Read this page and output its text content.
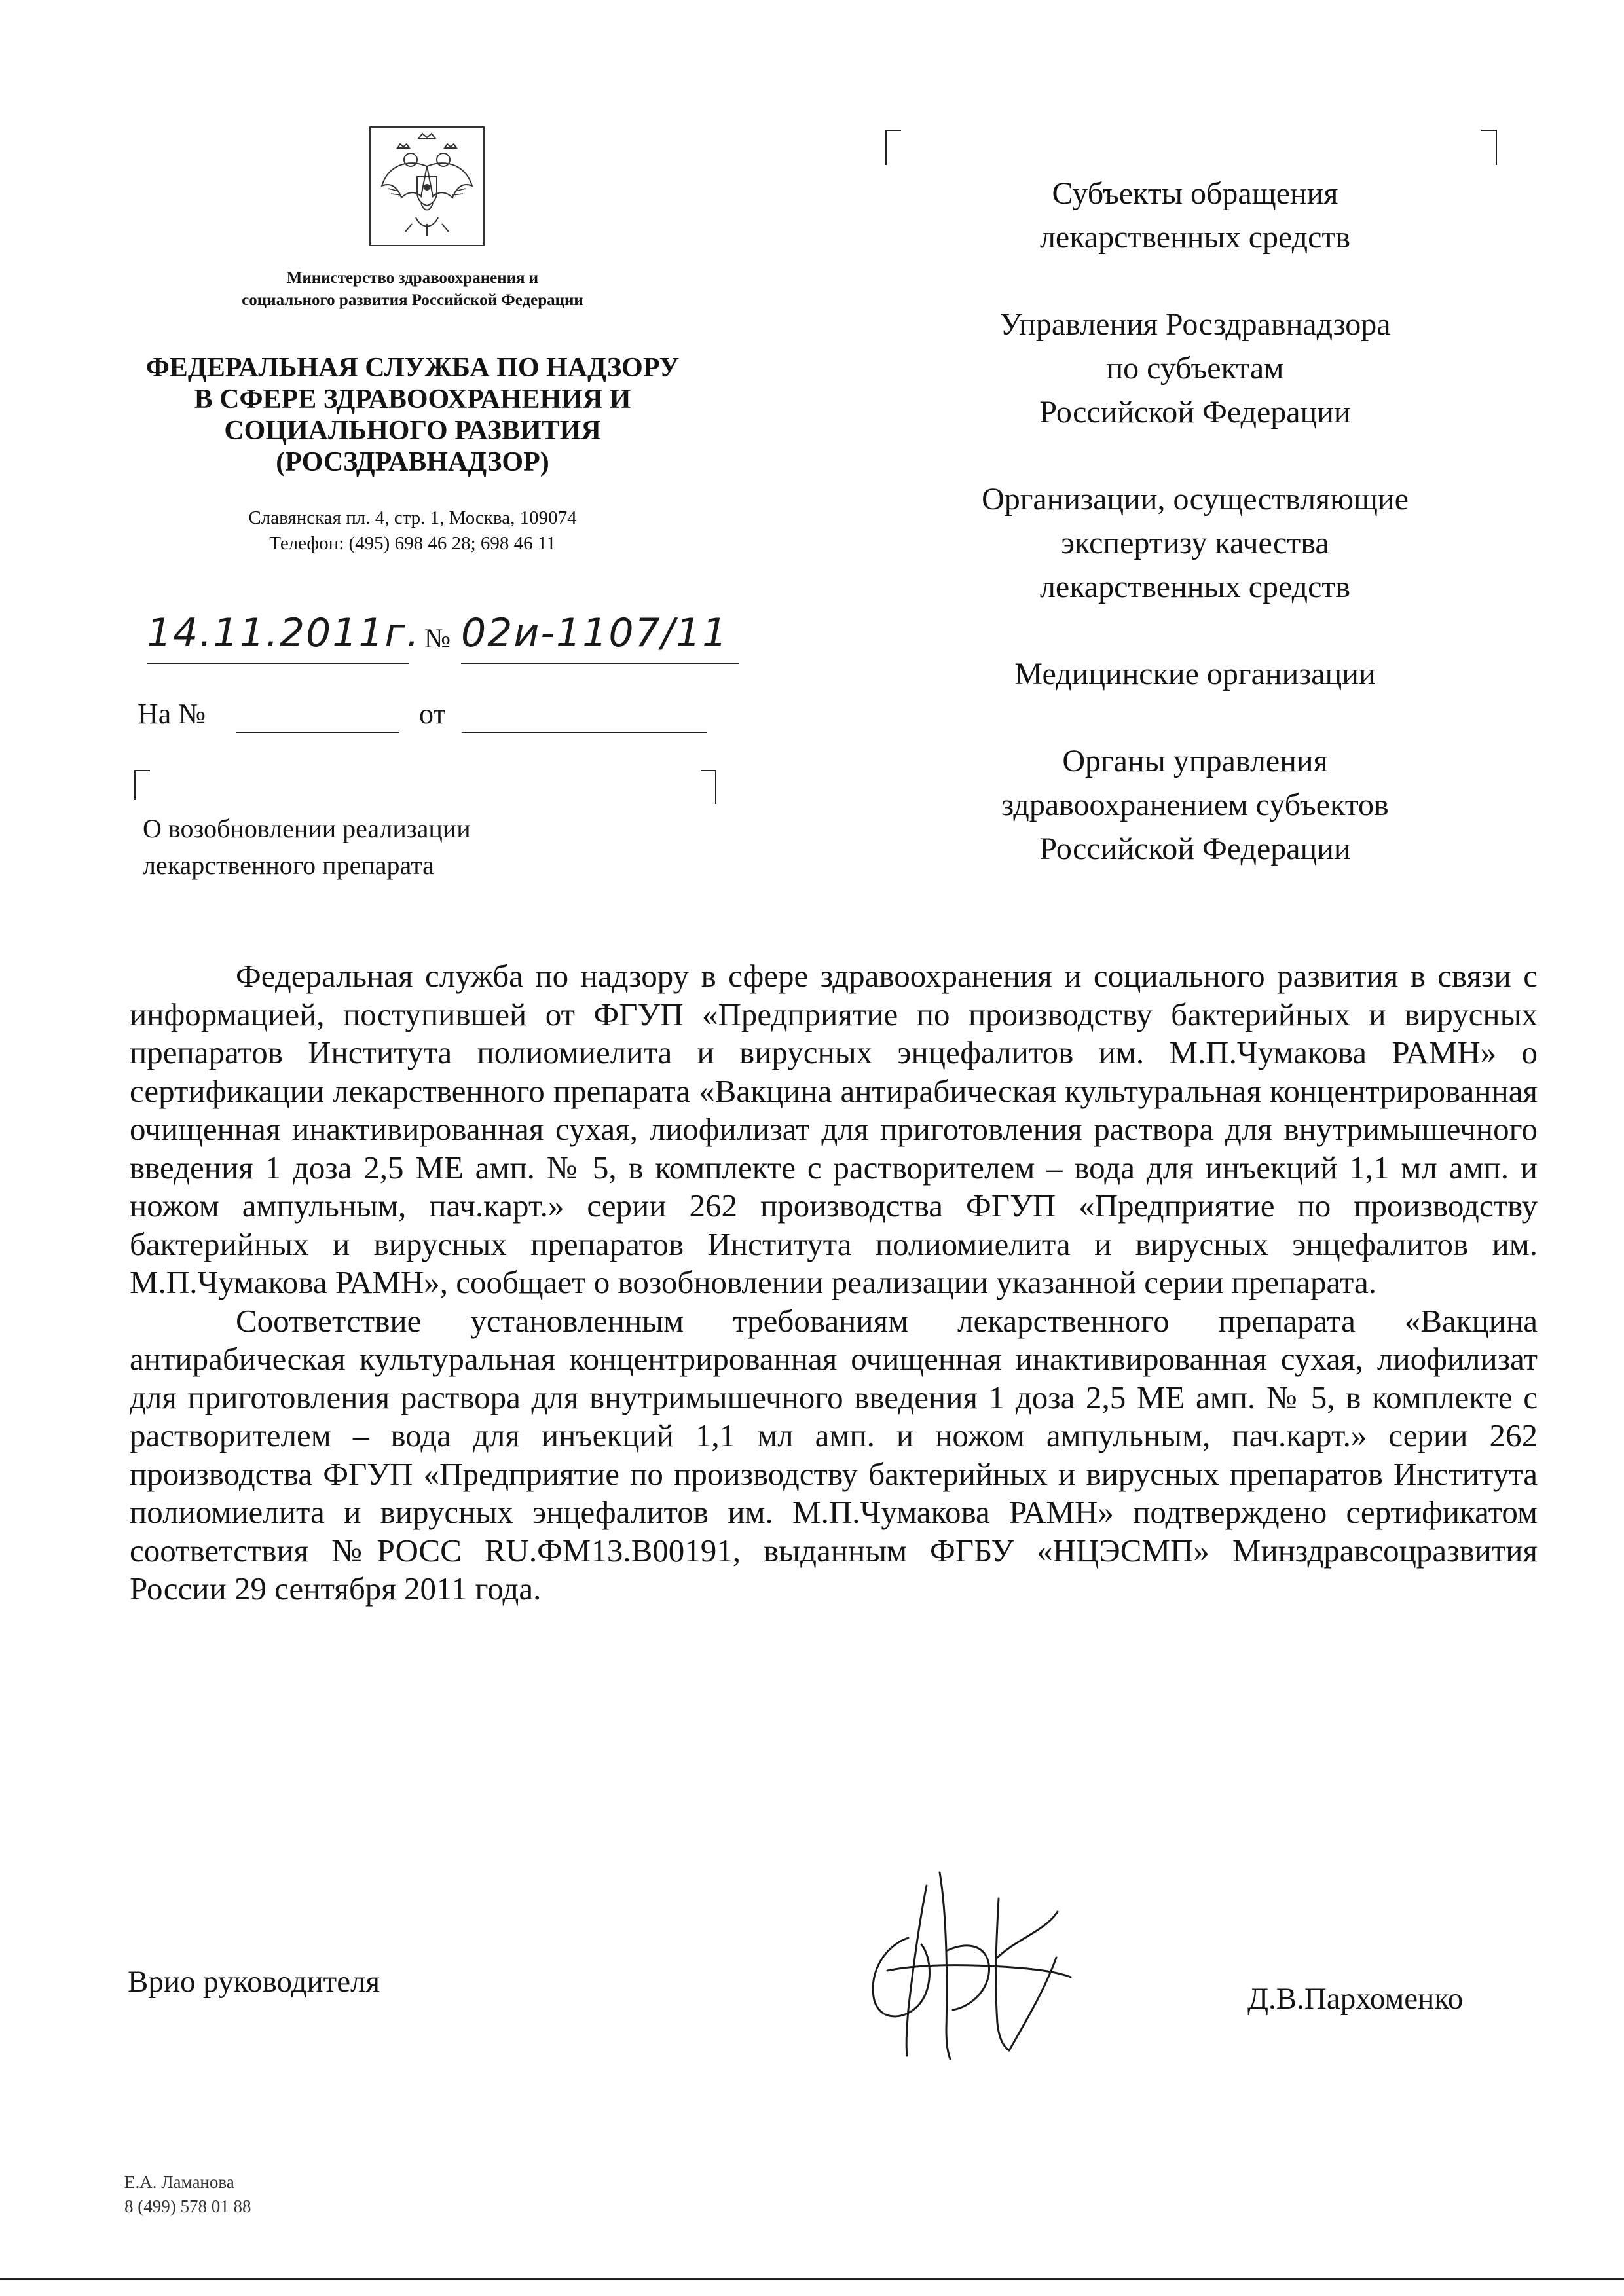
Министерство здравоохранения и
социального развития Российской Федерации
ФЕДЕРАЛЬНАЯ СЛУЖБА ПО НАДЗОРУ
В СФЕРЕ ЗДРАВООХРАНЕНИЯ И
СОЦИАЛЬНОГО РАЗВИТИЯ
(РОСЗДРАВНАДЗОР)
Славянская пл. 4, стр. 1, Москва, 109074
Телефон: (495) 698 46 28; 698 46 11
14.11.2011г. № 02и-1107/11
На №	от
О возобновлении реализации
лекарственного препарата
Субъекты обращения
лекарственных средств
Управления Росздравнадзора
по субъектам
Российской Федерации
Организации, осуществляющие
экспертизу качества
лекарственных средств
Медицинские организации
Органы управления
здравоохранением субъектов
Российской Федерации

Федеральная служба по надзору в сфере здравоохранения и социального развития в связи с информацией, поступившей от ФГУП «Предприятие по производству бактерийных и вирусных препаратов Института полиомиелита и вирусных энцефалитов им. М.П.Чумакова РАМН» о сертификации лекарственного препарата «Вакцина антирабическая культуральная концентрированная очищенная инактивированная сухая, лиофилизат для приготовления раствора для внутримышечного введения 1 доза 2,5 МЕ амп. № 5, в комплекте с растворителем – вода для инъекций 1,1 мл амп. и ножом ампульным, пач.карт.» серии 262 производства ФГУП «Предприятие по производству бактерийных и вирусных препаратов Института полиомиелита и вирусных энцефалитов им. М.П.Чумакова РАМН», сообщает о возобновлении реализации указанной серии препарата.

Соответствие установленным требованиям лекарственного препарата «Вакцина антирабическая культуральная концентрированная очищенная инактивированная сухая, лиофилизат для приготовления раствора для внутримышечного введения 1 доза 2,5 МЕ амп. № 5, в комплекте с растворителем – вода для инъекций 1,1 мл амп. и ножом ампульным, пач.карт.» серии 262 производства ФГУП «Предприятие по производству бактерийных и вирусных препаратов Института полиомиелита и вирусных энцефалитов им. М.П.Чумакова РАМН» подтверждено сертификатом соответствия №РОСС RU.ФМ13.В00191, выданным ФГБУ «НЦЭСМП» Минздравсоцразвития России 29 сентября 2011 года.

Врио руководителя	Д.В.Пархоменко
Е.А. Ламанова
8 (499) 578 01 88
